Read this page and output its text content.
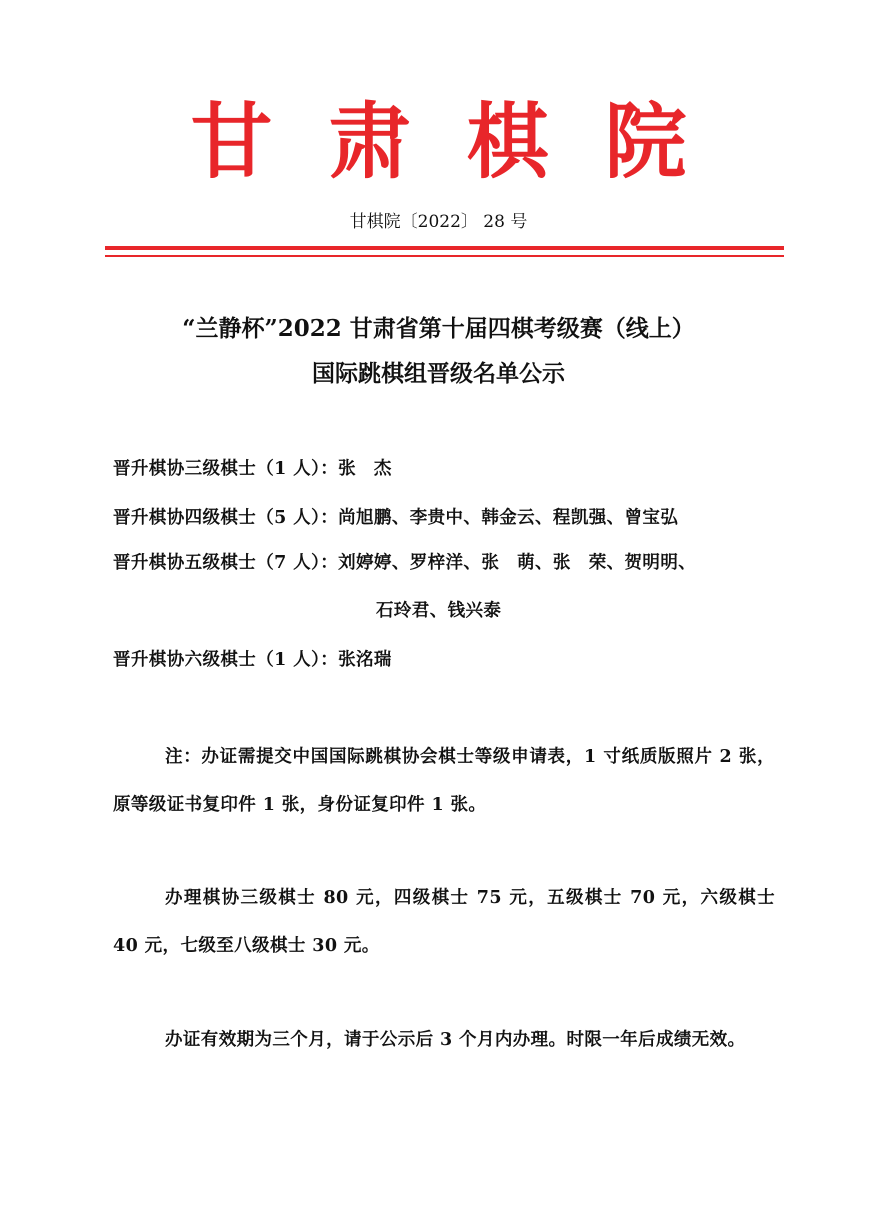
甘肃棋院
甘棋院〔2022〕 28 号
“兰静杯”2022 甘肃省第十届四棋考级赛（线上）
国际跳棋组晋级名单公示
晋升棋协三级棋士（1 人）：张　杰
晋升棋协四级棋士（5 人）：尚旭鹏、李贵中、韩金云、程凯强、曾宝弘
晋升棋协五级棋士（7 人）：刘婷婷、罗梓洋、张　萌、张　荣、贺明明、
石玲君、钱兴泰
晋升棋协六级棋士（1 人）：张洺瑞
注：办证需提交中国国际跳棋协会棋士等级申请表，1 寸纸质版照片 2 张，原等级证书复印件 1 张，身份证复印件 1 张。
办理棋协三级棋士 80 元，四级棋士 75 元，五级棋士 70 元，六级棋士 40 元，七级至八级棋士 30 元。
办证有效期为三个月，请于公示后 3 个月内办理。时限一年后成绩无效。
